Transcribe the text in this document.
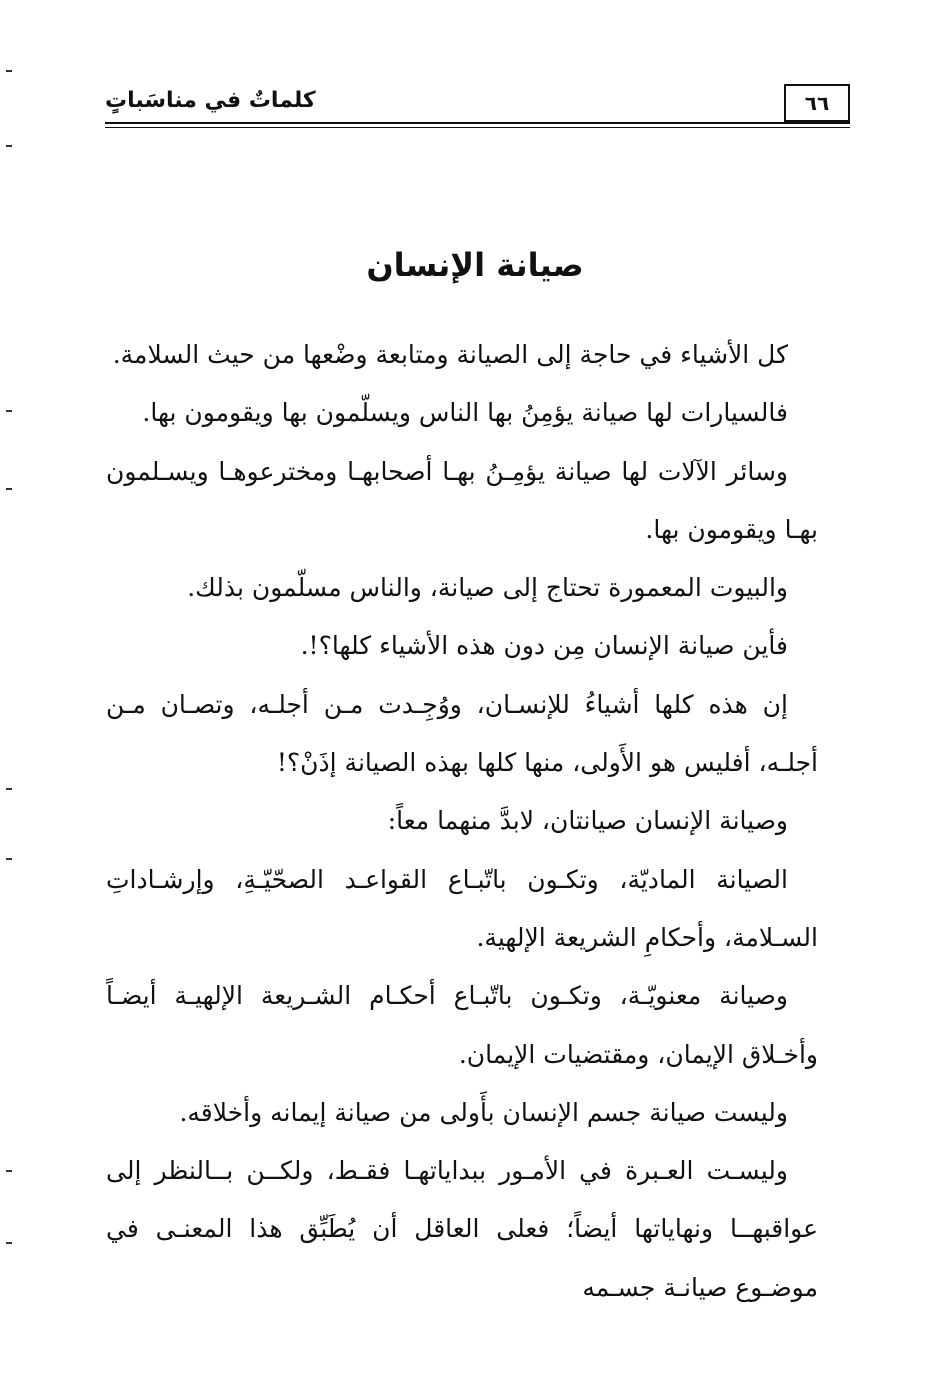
٦٦
كلماتٌ في مناسَباتٍ
صيانة الإنسان

كل الأشياء في حاجة إلى الصيانة ومتابعة وضْعها من حيث السلامة.

فالسيارات لها صيانة يؤمِنُ بها الناس ويسلّمون بها ويقومون بها.

وسائر الآلات لها صيانة يؤمِـنُ بهـا أصحابهـا ومخترعوهـا ويسـلمون بهـا ويقومون بها.

والبيوت المعمورة تحتاج إلى صيانة، والناس مسلّمون بذلك.

فأين صيانة الإنسان مِن دون هذه الأشياء كلها؟!.

إن هذه كلها أشياءُ للإنسـان، ووُجِـدت مـن أجلـه، وتصـان مـن أجلـه، أفليس هو الأَولى، منها كلها بهذه الصيانة إذَنْ؟!

وصيانة الإنسان صيانتان، لابدَّ منهما معاً:

الصيانة الماديّة، وتكـون باتّبـاع القواعـد الصحّيّـةِ، وإرشـاداتِ السـلامة، وأحكامِ الشريعة الإلهية.

وصيانة معنويّـة، وتكـون باتّبـاع أحكـام الشـريعة الإلهيـة أيضـاً وأخـلاق الإيمان، ومقتضيات الإيمان.

وليست صيانة جسم الإنسان بأَولى من صيانة إيمانه وأخلاقه.

وليسـت العـبرة في الأمـور ببداياتهـا فقـط، ولكــن بــالنظر إلى عواقبهــا ونهاياتها أيضاً؛ فعلى العاقل أن يُطَبِّق هذا المعنـى في موضـوع صيانـة جسـمه
